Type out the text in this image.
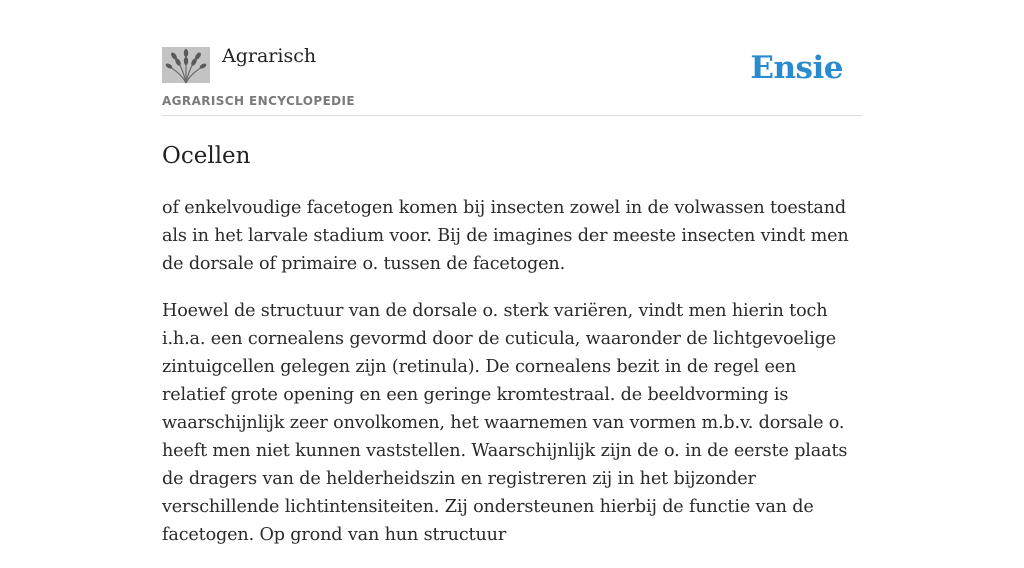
Agrarisch
AGRARISCH ENCYCLOPEDIE
Ensie
Ocellen

of enkelvoudige facetogen komen bij insecten zowel in de volwassen toestand als in het larvale stadium voor. Bij de imagines der meeste insecten vindt men de dorsale of primaire o. tussen de facetogen.

Hoewel de structuur van de dorsale o. sterk variëren, vindt men hierin toch i.h.a. een cornealens gevormd door de cuticula, waaronder de lichtgevoelige zintuigcellen gelegen zijn (retinula). De cornealens bezit in de regel een relatief grote opening en een geringe kromtestraal. de beeldvorming is waarschijnlijk zeer onvolkomen, het waarnemen van vormen m.b.v. dorsale o. heeft men niet kunnen vaststellen. Waarschijnlijk zijn de o. in de eerste plaats de dragers van de helderheidszin en registreren zij in het bijzonder verschillende lichtintensiteiten. Zij ondersteunen hierbij de functie van de facetogen. Op grond van hun structuur
